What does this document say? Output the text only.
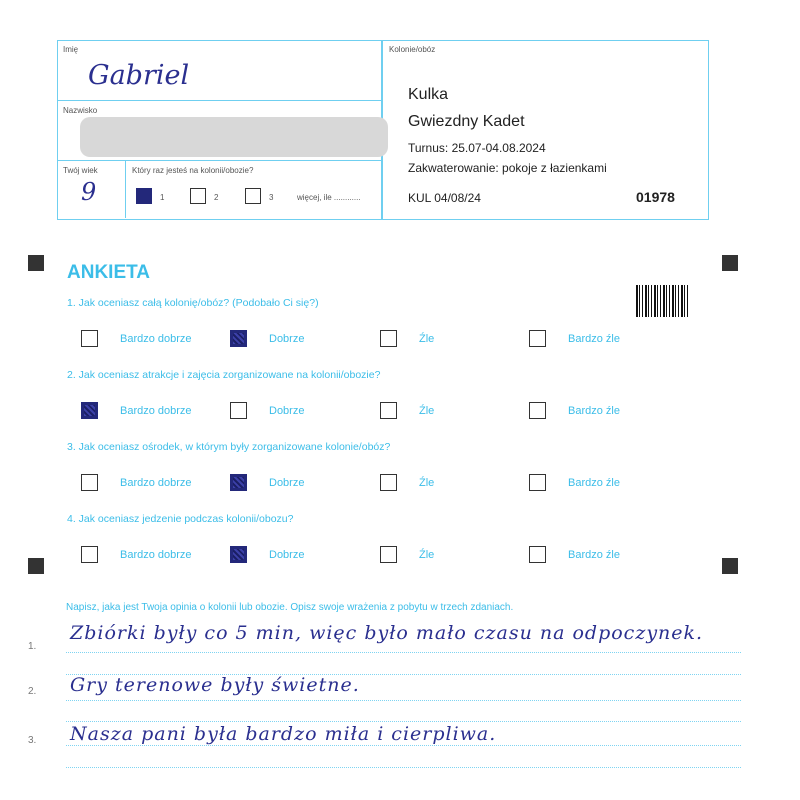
Imię
Gabriel
Nazwisko
Twój wiek
9
Który raz jesteś na kolonii/obozie?
1	2	3	więcej, ile ............
Kolonie/obóz
Kulka
Gwiezdny Kadet
Turnus: 25.07-04.08.2024
Zakwaterowanie: pokoje z łazienkami
KUL 04/08/24	01978
ANKIETA
1. Jak oceniasz całą kolonię/obóz? (Podobało Ci się?)
Bardzo dobrze	Dobrze	Źle	Bardzo źle
2. Jak oceniasz atrakcje i zajęcia zorganizowane na kolonii/obozie?
Bardzo dobrze	Dobrze	Źle	Bardzo źle
3. Jak oceniasz ośrodek, w którym były zorganizowane kolonie/obóz?
Bardzo dobrze	Dobrze	Źle	Bardzo źle
4. Jak oceniasz jedzenie podczas kolonii/obozu?
Bardzo dobrze	Dobrze	Źle	Bardzo źle
Napisz, jaka jest Twoja opinia o kolonii lub obozie. Opisz swoje wrażenia z pobytu w trzech zdaniach.
1.
2.
3.
Zbiórki były co 5 min, więc było mało czasu na odpoczynek.
Gry terenowe były świetne.
Nasza pani była bardzo miła i cierpliwa.
